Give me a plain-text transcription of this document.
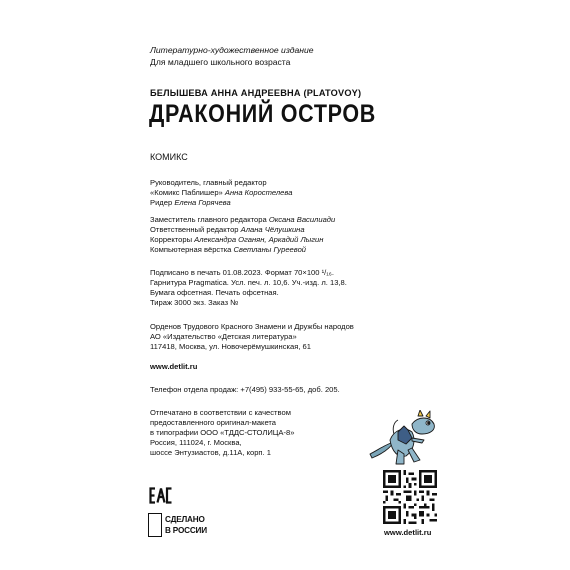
Литературно-художественное издание
Для младшего школьного возраста
БЕЛЫШЕВА АННА АНДРЕЕВНА (PLATOVOY)
ДРАКОНИЙ ОСТРОВ
КОМИКС
Руководитель, главный редактор
«Комикс Паблишер» Анна Коростелева
Ридер Елена Горячева
Заместитель главного редактора Оксана Василиади
Ответственный редактор Алана Чёлушкина
Корректоры Александра Оганян, Аркадий Лыгин
Компьютерная вёрстка Светланы Гуреевой
Подписано в печать 01.08.2023. Формат 70×100 ¹/₁₆.
Гарнитура Pragmatica. Усл. печ. л. 10,6. Уч.-изд. л. 13,8.
Бумага офсетная. Печать офсетная.
Тираж 3000 экз. Заказ №
Орденов Трудового Красного Знамени и Дружбы народов
АО «Издательство «Детская литература»
117418, Москва, ул. Новочерёмушкинская, 61
www.detlit.ru
Телефон отдела продаж: +7(495) 933-55-65, доб. 205.
Отпечатано в соответствии с качеством
предоставленного оригинал-макета
в типографии ООО «ТДДС-СТОЛИЦА-8»
Россия, 111024, г. Москва,
шоссе Энтузиастов, д.11А, корп. 1
СДЕЛАНО
В РОССИИ	www.detlit.ru
